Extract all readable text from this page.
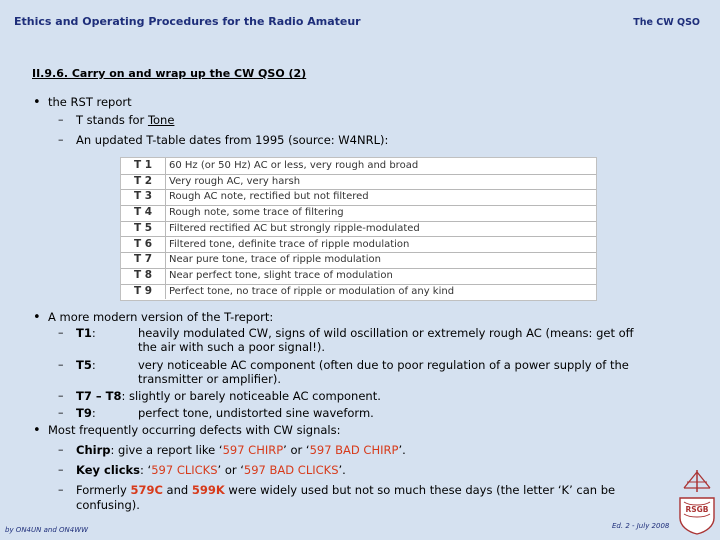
Ethics and Operating Procedures for the Radio Amateur	The CW QSO
II.9.6. Carry on and wrap up the CW QSO (2)
• the RST report
– T stands for Tone
– An updated T-table dates from 1995 (source: W4NRL):
T 1	60 Hz (or 50 Hz) AC or less, very rough and broad
T 2	Very rough AC, very harsh
T 3	Rough AC note, rectified but not filtered
T 4	Rough note, some trace of filtering
T 5	Filtered rectified AC but strongly ripple-modulated
T 6	Filtered tone, definite trace of ripple modulation
T 7	Near pure tone, trace of ripple modulation
T 8	Near perfect tone, slight trace of modulation
T 9	Perfect tone, no trace of ripple or modulation of any kind
• A more modern version of the T-report:
– T1:	heavily modulated CW, signs of wild oscillation or extremely rough AC (means: get off
the air with such a poor signal!).
– T5:	very noticeable AC component (often due to poor regulation of a power supply of the
transmitter or amplifier).
– T7 – T8: slightly or barely noticeable AC component.
– T9:	perfect tone, undistorted sine waveform.
• Most frequently occurring defects with CW signals:
– Chirp: give a report like ‘597 CHIRP’ or ‘597 BAD CHIRP’.
– Key clicks: ‘597 CLICKS’ or ‘597 BAD CLICKS’.
– Formerly 579C and 599K were widely used but not so much these days (the letter ‘K’ can be
confusing).
by ON4UN and ON4WW	Ed. 2 - July 2008
RSGB
